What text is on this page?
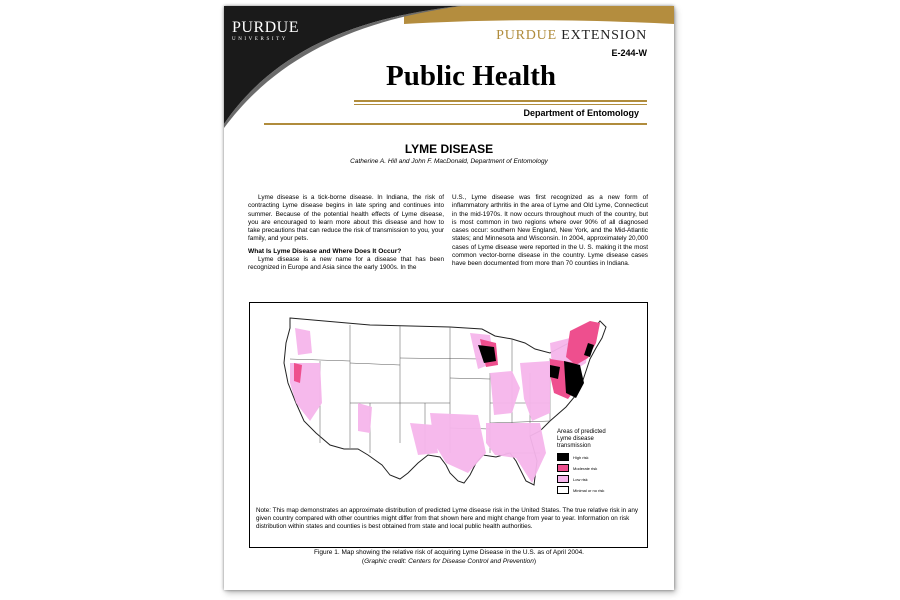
PURDUE
UNIVERSITY	PURDUE EXTENSION
E-244-W
Public Health
Department of Entomology
LYME DISEASE
Catherine A. Hill and John F. MacDonald, Department of Entomology

Lyme disease is a tick-borne disease. In Indiana, the risk of contracting Lyme disease begins in late spring and continues into summer. Because of the potential health effects of Lyme disease, you are encouraged to learn more about this disease and how to take precautions that can reduce the risk of transmission to you, your family, and your pets.

What Is Lyme Disease and Where Does It Occur?

Lyme disease is a new name for a disease that has been recognized in Europe and Asia since the early 1900s. In the

U.S., Lyme disease was first recognized as a new form of inflammatory arthritis in the area of Lyme and Old Lyme, Connecticut in the mid-1970s. It now occurs throughout much of the country, but is most common in two regions where over 90% of all diagnosed cases occur: southern New England, New York, and the Mid-Atlantic states; and Minnesota and Wisconsin. In 2004, approximately 20,000 cases of Lyme disease were reported in the U. S. making it the most common vector-borne disease in the country. Lyme disease cases have been documented from more than 70 counties in Indiana.

Areas of predicted Lyme disease transmission
High risk
Moderate risk
Low risk
Minimal or no risk
Note: This map demonstrates an approximate distribution of predicted Lyme disease risk in the United States. The true relative risk in any given country compared with other countries might differ from that shown here and might change from year to year. Information on risk distribution within states and counties is best obtained from state and local public health authorities.
Figure 1. Map showing the relative risk of acquiring Lyme Disease in the U.S. as of April 2004.
(Graphic credit: Centers for Disease Control and Prevention)
